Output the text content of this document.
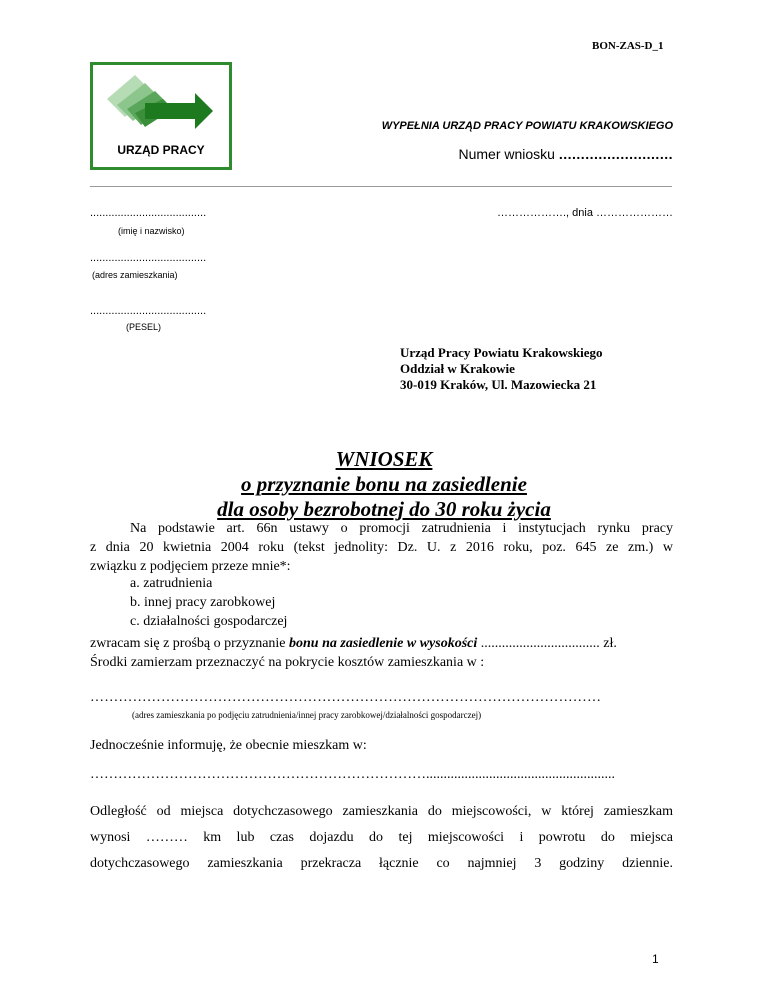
BON-ZAS-D_1
URZĄD PRACY
WYPEŁNIA URZĄD PRACY POWIATU KRAKOWSKIEGO
Numer wniosku ..........................
......................................
(imię i nazwisko)
......................................
(adres zamieszkania)
......................................
(PESEL)
………………., dnia …………………
Urząd Pracy Powiatu Krakowskiego
Oddział w Krakowie
30-019 Kraków, Ul. Mazowiecka 21
WNIOSEK
o przyznanie bonu na zasiedlenie
dla osoby bezrobotnej do 30 roku życia
Na podstawie art. 66n ustawy o promocji zatrudnienia i instytucjach rynku pracy
z dnia 20 kwietnia 2004 roku (tekst jednolity: Dz. U. z 2016 roku, poz. 645 ze zm.) w
związku z podjęciem przeze mnie*:
a. zatrudnienia
b. innej pracy zarobkowej
c. działalności gospodarczej
zwracam się z prośbą o przyznanie bonu na zasiedlenie w wysokości .................................. zł.
Środki zamierzam przeznaczyć na pokrycie kosztów zamieszkania w :
………………………………………………………………………………………………
(adres zamieszkania po podjęciu zatrudnienia/innej pracy zarobkowej/działalności gospodarczej)
Jednocześnie informuję, że obecnie mieszkam w:
………………………………………………………………......................................................
Odległość od miejsca dotychczasowego zamieszkania do miejscowości, w której zamieszkam
wynosi ……… km lub czas dojazdu do tej miejscowości i powrotu do miejsca
dotychczasowego zamieszkania przekracza łącznie co najmniej 3 godziny dziennie.
1
